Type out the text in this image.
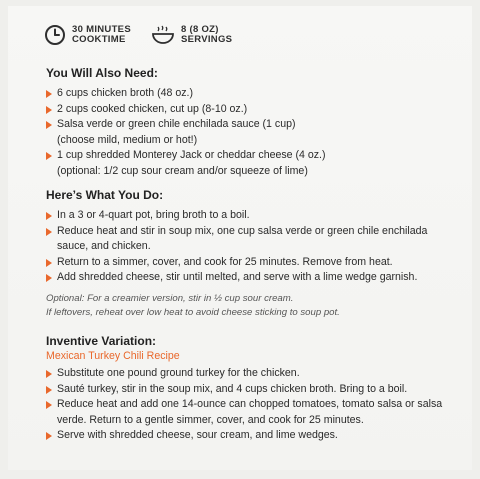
30 MINUTES
COOKTIME
8 (8 OZ)
SERVINGS
You Will Also Need:
6 cups chicken broth (48 oz.)
2 cups cooked chicken, cut up (8-10 oz.)
Salsa verde or green chile enchilada sauce (1 cup)
(choose mild, medium or hot!)
1 cup shredded Monterey Jack or cheddar cheese (4 oz.)
(optional: 1/2 cup sour cream and/or squeeze of lime)
Here’s What You Do:
In a 3 or 4-quart pot, bring broth to a boil.
Reduce heat and stir in soup mix, one cup salsa verde or green chile enchilada sauce, and chicken.
Return to a simmer, cover, and cook for 25 minutes. Remove from heat.
Add shredded cheese, stir until melted, and serve with a lime wedge garnish.
Optional: For a creamier version, stir in ½ cup sour cream.
If leftovers, reheat over low heat to avoid cheese sticking to soup pot.
Inventive Variation:
Mexican Turkey Chili Recipe
Substitute one pound ground turkey for the chicken.
Sauté turkey, stir in the soup mix, and 4 cups chicken broth. Bring to a boil.
Reduce heat and add one 14-ounce can chopped tomatoes, tomato salsa or salsa verde. Return to a gentle simmer, cover, and cook for 25 minutes.
Serve with shredded cheese, sour cream, and lime wedges.
